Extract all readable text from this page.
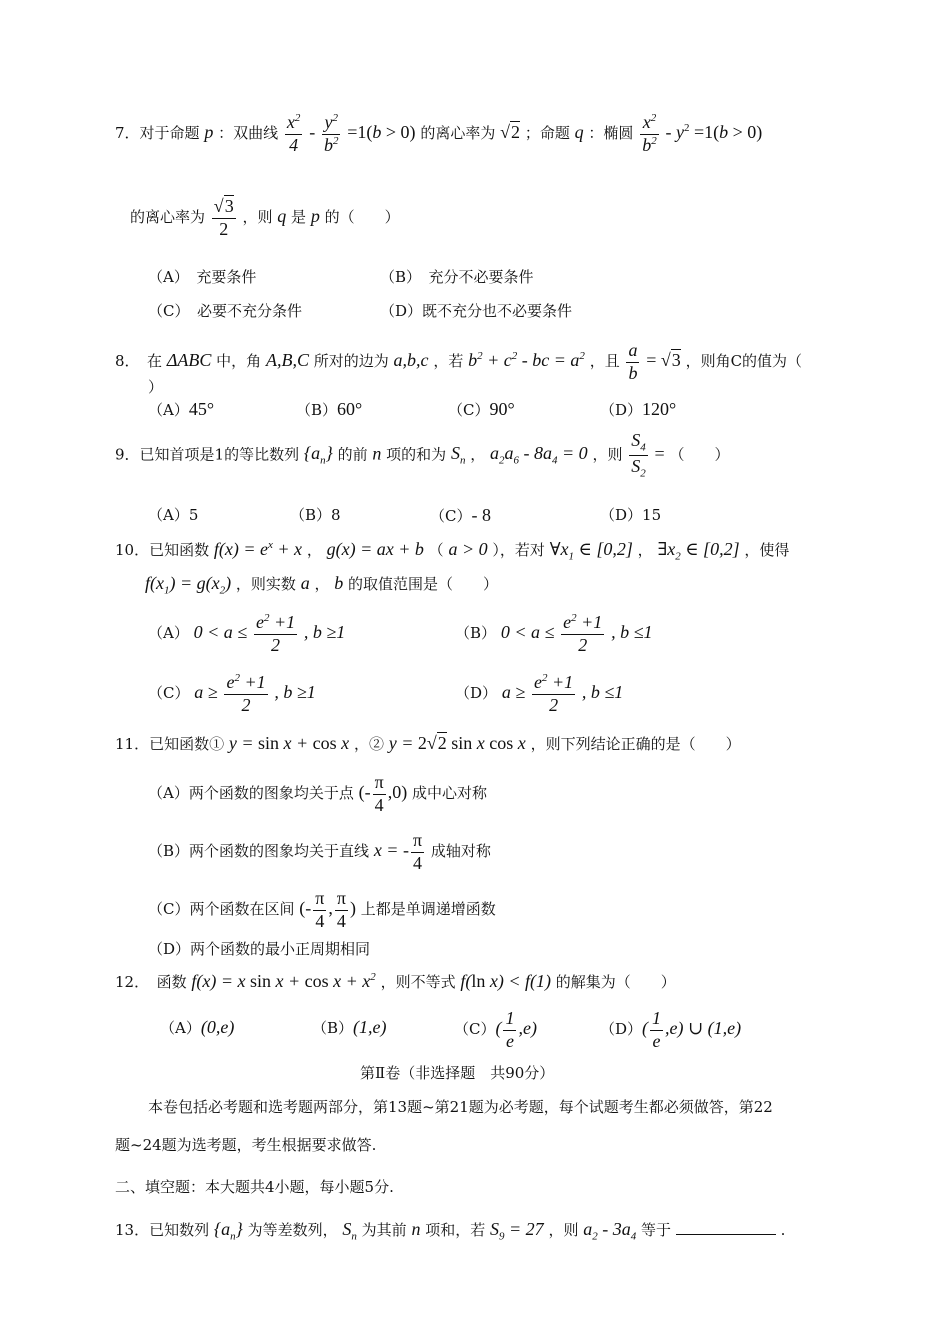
7．对于命题 p ：双曲线 $\frac{x^2}{4} - \frac{y^2}{b^2} =1(b > 0)$ 的离心率为 √2 ；命题 q ：椭圆 $\frac{x^2}{b^2} - y^2 =1(b > 0)$
的离心率为 $\frac{√3}{2}$ ，则 q 是 p 的（　　）
（A）　充要条件	（B）　充分不必要条件
（C）　必要不充分条件	（D）既不充分也不必要条件
8．　在 ΔABC 中，角 A,B,C 所对的边为 a,b,c ，若 $b^2 + c^2$ - bc = $a^2$ ，且 $\frac{a}{b} = √3$ ，则角C的值为（
）
（A）45°	（B）60°	（C）90°	（D）120°
9．已知首项是1的等比数列 $\{a_n\}$ 的前 n 项的和为 $S_n$ ， $a_2a_6 - 8a_4 = 0$ ，则 $\frac{S_4}{S_2}$ = （　　）
（A）5	（B）8	（C）- 8	（D）15
10．已知函数 $f(x) = e^x + x$ ， g(x) = ax + b （ a > 0 ），若对 $\forall x_1$ ∈ [0,2] ， $\exists x_2$ ∈ [0,2] ，使得
$f(x_1) = g(x_2)$ ，则实数 a ， b 的取值范围是（　　）
（A） $0 < a \le \frac{e^2 +1}{2}$ , b ≥1	（B） $0 < a \le \frac{e^2 +1}{2}$ , b ≤1
（C） $a \ge \frac{e^2 +1}{2}$ , b ≥1	（D） $a \ge \frac{e^2 +1}{2}$ , b ≤1
11．已知函数① y = sin x + cos x ，② y = 2√2 sin x cos x ，则下列结论正确的是（　　）
（A）两个函数的图象均关于点 (- $\frac{\pi}{4} ,0$) 成中心对称
（B）两个函数的图象均关于直线 x = - $\frac{\pi}{4}$ 成轴对称
（C）两个函数在区间 (- $\frac{\pi}{4}$ , $\frac{\pi}{4}$ ) 上都是单调递增函数
（D）两个函数的最小正周期相同
12．　函数 f(x) = x $\sin x + \cos x + x^2$ ，则不等式 f(ln x) < f(1) 的解集为（　　）
（A）(0,e)	（B）(1,e)	$(C)( \frac{1}{e} ,e)$	$(D)( \frac{1}{e} ,e)$ ∪ (1,e)
第Ⅱ卷（非选择题　共90分）
本卷包括必考题和选考题两部分，第13题~第21题为必考题，每个试题考生都必须做答，第22
题~24题为选考题，考生根据要求做答.
二、填空题：本大题共4小题，每小题5分.
13．已知数列 $\{a_n\}$ 为等差数列， $S_n$ 为其前 n 项和，若 $S_9 = 27$ ，则 $a_2 - 3a_4$ 等于	.
